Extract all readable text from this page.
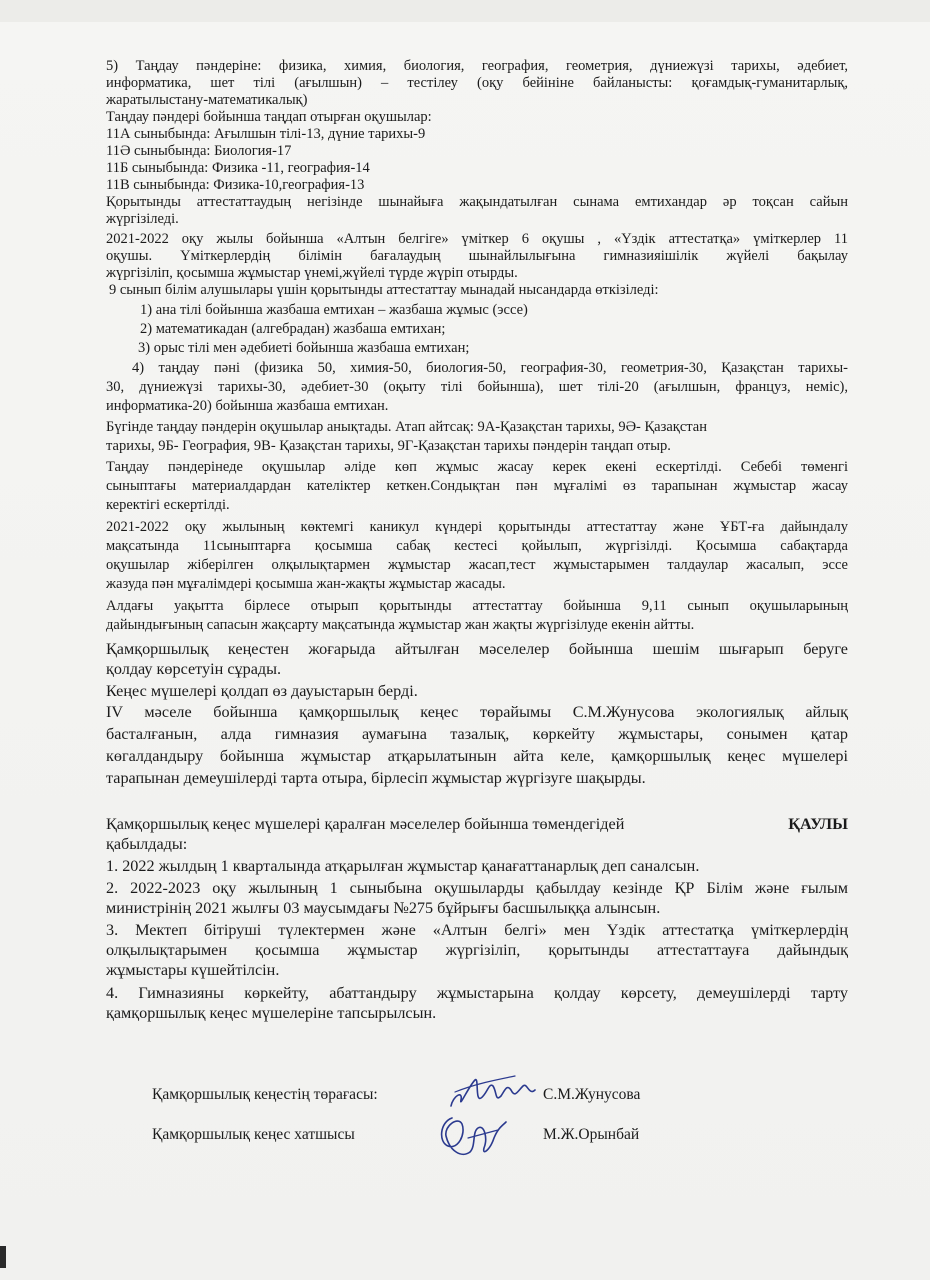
5) Таңдау пәндеріне: физика, химия, биология, география, геометрия, дүниежүзі тарихы, әдебиет,
информатика, шет тілі (ағылшын) – тестілеу (оқу бейініне байланысты: қоғамдық-гуманитарлық,
жаратылыстану-математикалық)
Таңдау пәндері бойынша таңдап отырған оқушылар:
11А сыныбында: Ағылшын тілі-13, дүние тарихы-9
11Ә сыныбында: Биология-17
11Б сыныбында: Физика -11, география-14
11В сыныбында: Физика-10,география-13
Қорытынды аттестаттаудың негізінде шынайыға жақындатылған сынама емтихандар әр тоқсан сайын
жүргізіледі.
2021-2022 оқу жылы бойынша «Алтын белгіге» үміткер 6 оқушы , «Үздік аттестатқа» үміткерлер 11
оқушы. Үміткерлердің білімін бағалаудың шынайлылығына гимназияішілік жүйелі бақылау
жүргізіліп, қосымша жұмыстар үнемі,жүйелі түрде жүріп отырды.
9 сынып білім алушылары үшін қорытынды аттестаттау мынадай нысандарда өткізіледі:
1) ана тілі бойынша жазбаша емтихан – жазбаша жұмыс (эссе)
2) математикадан (алгебрадан) жазбаша емтихан;
3) орыс тілі мен әдебиеті бойынша жазбаша емтихан;
4) таңдау пәні (физика 50, химия-50, биология-50, география-30, геометрия-30, Қазақстан тарихы-
30, дүниежүзі тарихы-30, әдебиет-30 (оқыту тілі бойынша), шет тілі-20 (ағылшын, француз, неміс),
информатика-20) бойынша жазбаша емтихан.
Бүгінде таңдау пәндерін оқушылар анықтады. Атап айтсақ: 9А-Қазақстан тарихы, 9Ә- Қазақстан
тарихы, 9Б- География, 9В- Қазақстан тарихы, 9Г-Қазақстан тарихы пәндерін таңдап отыр.
Таңдау пәндерінеде оқушылар әліде көп жұмыс жасау керек екені ескертілді. Себебі төменгі
сыныптағы материалдардан кателіктер кеткен.Сондықтан пән мұғалімі өз тарапынан жұмыстар жасау
керектігі ескертілді.
2021-2022 оқу жылының көктемгі каникул күндері қорытынды аттестаттау және ҰБТ-ға дайындалу
мақсатында 11сыныптарға қосымша сабақ кестесі қойылып, жүргізілді. Қосымша сабақтарда
оқушылар жіберілген олқылықтармен жұмыстар жасап,тест жұмыстарымен талдаулар жасалып, эссе
жазуда пән мұғалімдері қосымша жан-жақты жұмыстар жасады.
Алдағы уақытта бірлесе отырып қорытынды аттестаттау бойынша 9,11 сынып оқушыларының
дайындығының сапасын жақсарту мақсатында жұмыстар жан жақты жүргізілуде екенін айтты.
Қамқоршылық кеңестен жоғарыда айтылған мәселелер бойынша шешім шығарып беруге
қолдау көрсетуін сұрады.
Кеңес мүшелері қолдап өз дауыстарын берді.
IV мәселе бойынша қамқоршылық кеңес төрайымы С.М.Жунусова экологиялық айлық
басталғанын, алда гимназия аумағына тазалық, көркейту жұмыстары, сонымен қатар
көгалдандыру бойынша жұмыстар атқарылатынын айта келе, қамқоршылық кеңес мүшелері
тарапынан демеушілерді тарта отыра, бірлесіп жұмыстар жүргізуге шақырды.
Қамқоршылық кеңес мүшелері қаралған мәселелер бойынша төмендегідей	ҚАУЛЫ
қабылдады:
1. 2022 жылдың 1 кварталында атқарылған жұмыстар қанағаттанарлық деп саналсын.
2. 2022-2023 оқу жылының 1 сыныбына оқушыларды қабылдау кезінде ҚР Білім және ғылым
министрінің 2021 жылғы 03 маусымдағы №275 бұйрығы басшылыққа алынсын.
3. Мектеп бітіруші түлектермен және «Алтын белгі» мен Үздік аттестатқа үміткерлердің
олқылықтарымен қосымша жұмыстар жүргізіліп, қорытынды аттестаттауға дайындық
жұмыстары күшейтілсін.
4. Гимназияны көркейту, абаттандыру жұмыстарына қолдау көрсету, демеушілерді тарту
қамқоршылық кеңес мүшелеріне тапсырылсын.
Қамқоршылық кеңестің төрағасы:	С.М.Жунусова
Қамқоршылық кеңес хатшысы	М.Ж.Орынбай
